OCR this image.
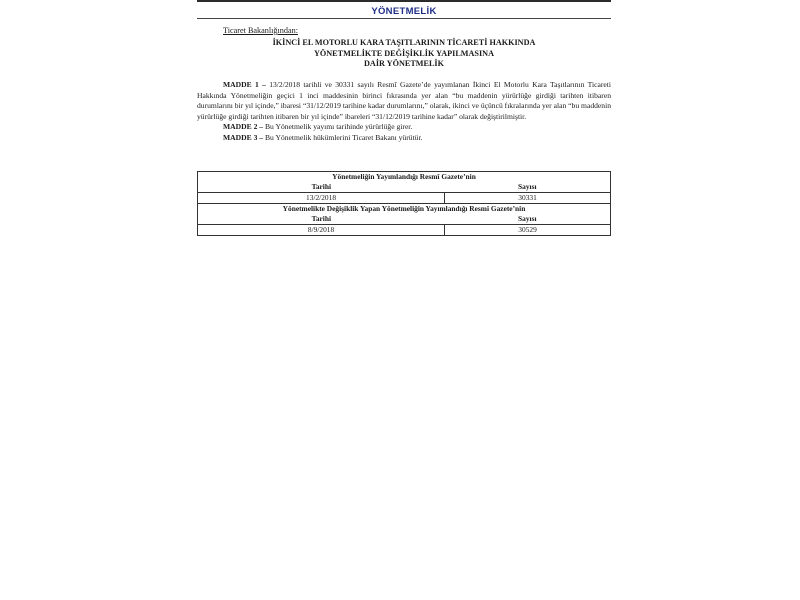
YÖNETMELİK
Ticaret Bakanlığından:
İKİNCİ EL MOTORLU KARA TAŞITLARININ TİCARETİ HAKKINDA
YÖNETMELİKTE DEĞİŞİKLİK YAPILMASINA
DAİR YÖNETMELİK

MADDE 1 – 13/2/2018 tarihli ve 30331 sayılı Resmî Gazete’de yayımlanan İkinci El Motorlu Kara Taşıtlarının Ticareti Hakkında Yönetmeliğin geçici 1 inci maddesinin birinci fıkrasında yer alan “bu maddenin yürürlüğe girdiği tarihten itibaren durumlarını bir yıl içinde,” ibaresi “31/12/2019 tarihine kadar durumlarını,” olarak, ikinci ve üçüncü fıkralarında yer alan “bu maddenin yürürlüğe girdiği tarihten itibaren bir yıl içinde” ibareleri “31/12/2019 tarihine kadar” olarak değiştirilmiştir.

MADDE 2 – Bu Yönetmelik yayımı tarihinde yürürlüğe girer.

MADDE 3 – Bu Yönetmelik hükümlerini Ticaret Bakanı yürütür.

Yönetmeliğin Yayımlandığı Resmî Gazete’nin	
Tarihi	Sayısı
13/2/2018	30331
Yönetmelikte Değişiklik Yapan Yönetmeliğin Yayımlandığı Resmî Gazete’nin	
Tarihi	Sayısı
8/9/2018	30529
